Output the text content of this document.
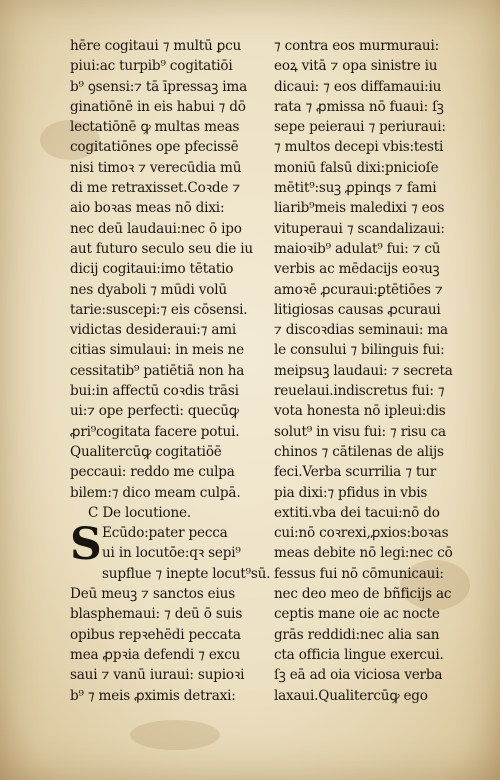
hēre cogitaui ⁊ multū ꝑcu
piui:ac turpib⁹ cogitatiōi
b⁹ ꝯsensi:⁊ tā īpressaꝫ ima
ginatiōnē in eis habui ⁊ dō
lectatiōnē ꝙ multas meas
cogitatiōnes ope pfecissē
nisi timoꝛ ⁊ verecūdia mū
di me retraxisset.Coꝛde ⁊
aio boꝛas meas nō dixi:
nec deū laudaui:nec ō ipo
aut futuro seculo seu die iu
dicij cogitaui:imo tētatio
nes dyaboli ⁊ mūdi volū
tarie:suscepi:⁊ eis cōsensi.
vidictas desideraui:⁊ ami
citias simulaui: in meis ne
cessitatib⁹ patiētiā non ha
bui:in affectū coꝛdis trāsi
ui:⁊ ope perfecti: quecūꝙ
ꝓri⁹cogitata facere potui.
Qualitercūꝙ cogitatiōē
peccaui: reddo me culpa
bilem:⁊ dico meam culpā.
C De locutione.
S Ecūdo:pater pecca
ui in locutōe:qꝛ sepi⁹
supflue ⁊ inepte locut⁹sū.
Deū meuꝫ ⁊ sanctos eius
blasphemaui: ⁊ deū ō suis
opibus repꝛehēdi peccata
mea ꝓpꝛia defendi ⁊ excu
saui ⁊ vanū iuraui: supioꝛi
b⁹ ⁊ meis ꝓximis detraxi:
⁊ contra eos murmuraui:
eoꝝ vitā ⁊ opa sinistre iu
dicaui: ⁊ eos diffamaui:iu
rata ⁊ ꝓmissa nō fuaui: ſꝫ
sepe peieraui ⁊ periuraui:
⁊ multos decepi vbis:testi
moniū falsū dixi:pnicioſe
mētit⁹:suꝫ ꝓpinqs ⁊ fami
liarib⁹meis maledixi ⁊ eos
vituperaui ⁊ scandalizaui:
maioꝛib⁹ adulat⁹ fui: ⁊ cū
verbis ac mēdacijs eoꝛuꝫ
amoꝛē ꝓcuraui:ꝑtētiōes ⁊
litigiosas causas ꝓcuraui
⁊ discoꝛdias seminaui: ma
le consului ⁊ bilinguis fui:
meipsuꝫ laudaui: ⁊ secreta
reuelaui.indiscretus fui: ⁊
vota honesta nō ipleui:dis
solut⁹ in visu fui: ⁊ risu ca
chinos ⁊ cātilenas de alijs
feci.Verba scurrilia ⁊ tur
pia dixi:⁊ pfidus in vbis
extiti.vba dei tacui:nō do
cui:nō coꝛrexi,ꝓxios:boꝛas
meas debite nō legi:nec cō
fessus fui nō cōmunicaui:
nec deo meo de bñficijs ac
ceptis mane oie ac nocte
grās reddidi:nec alia san
cta officia lingue exercui.
ſꝫ eā ad oia viciosa verba
laxaui.Qualitercūꝙ ego
